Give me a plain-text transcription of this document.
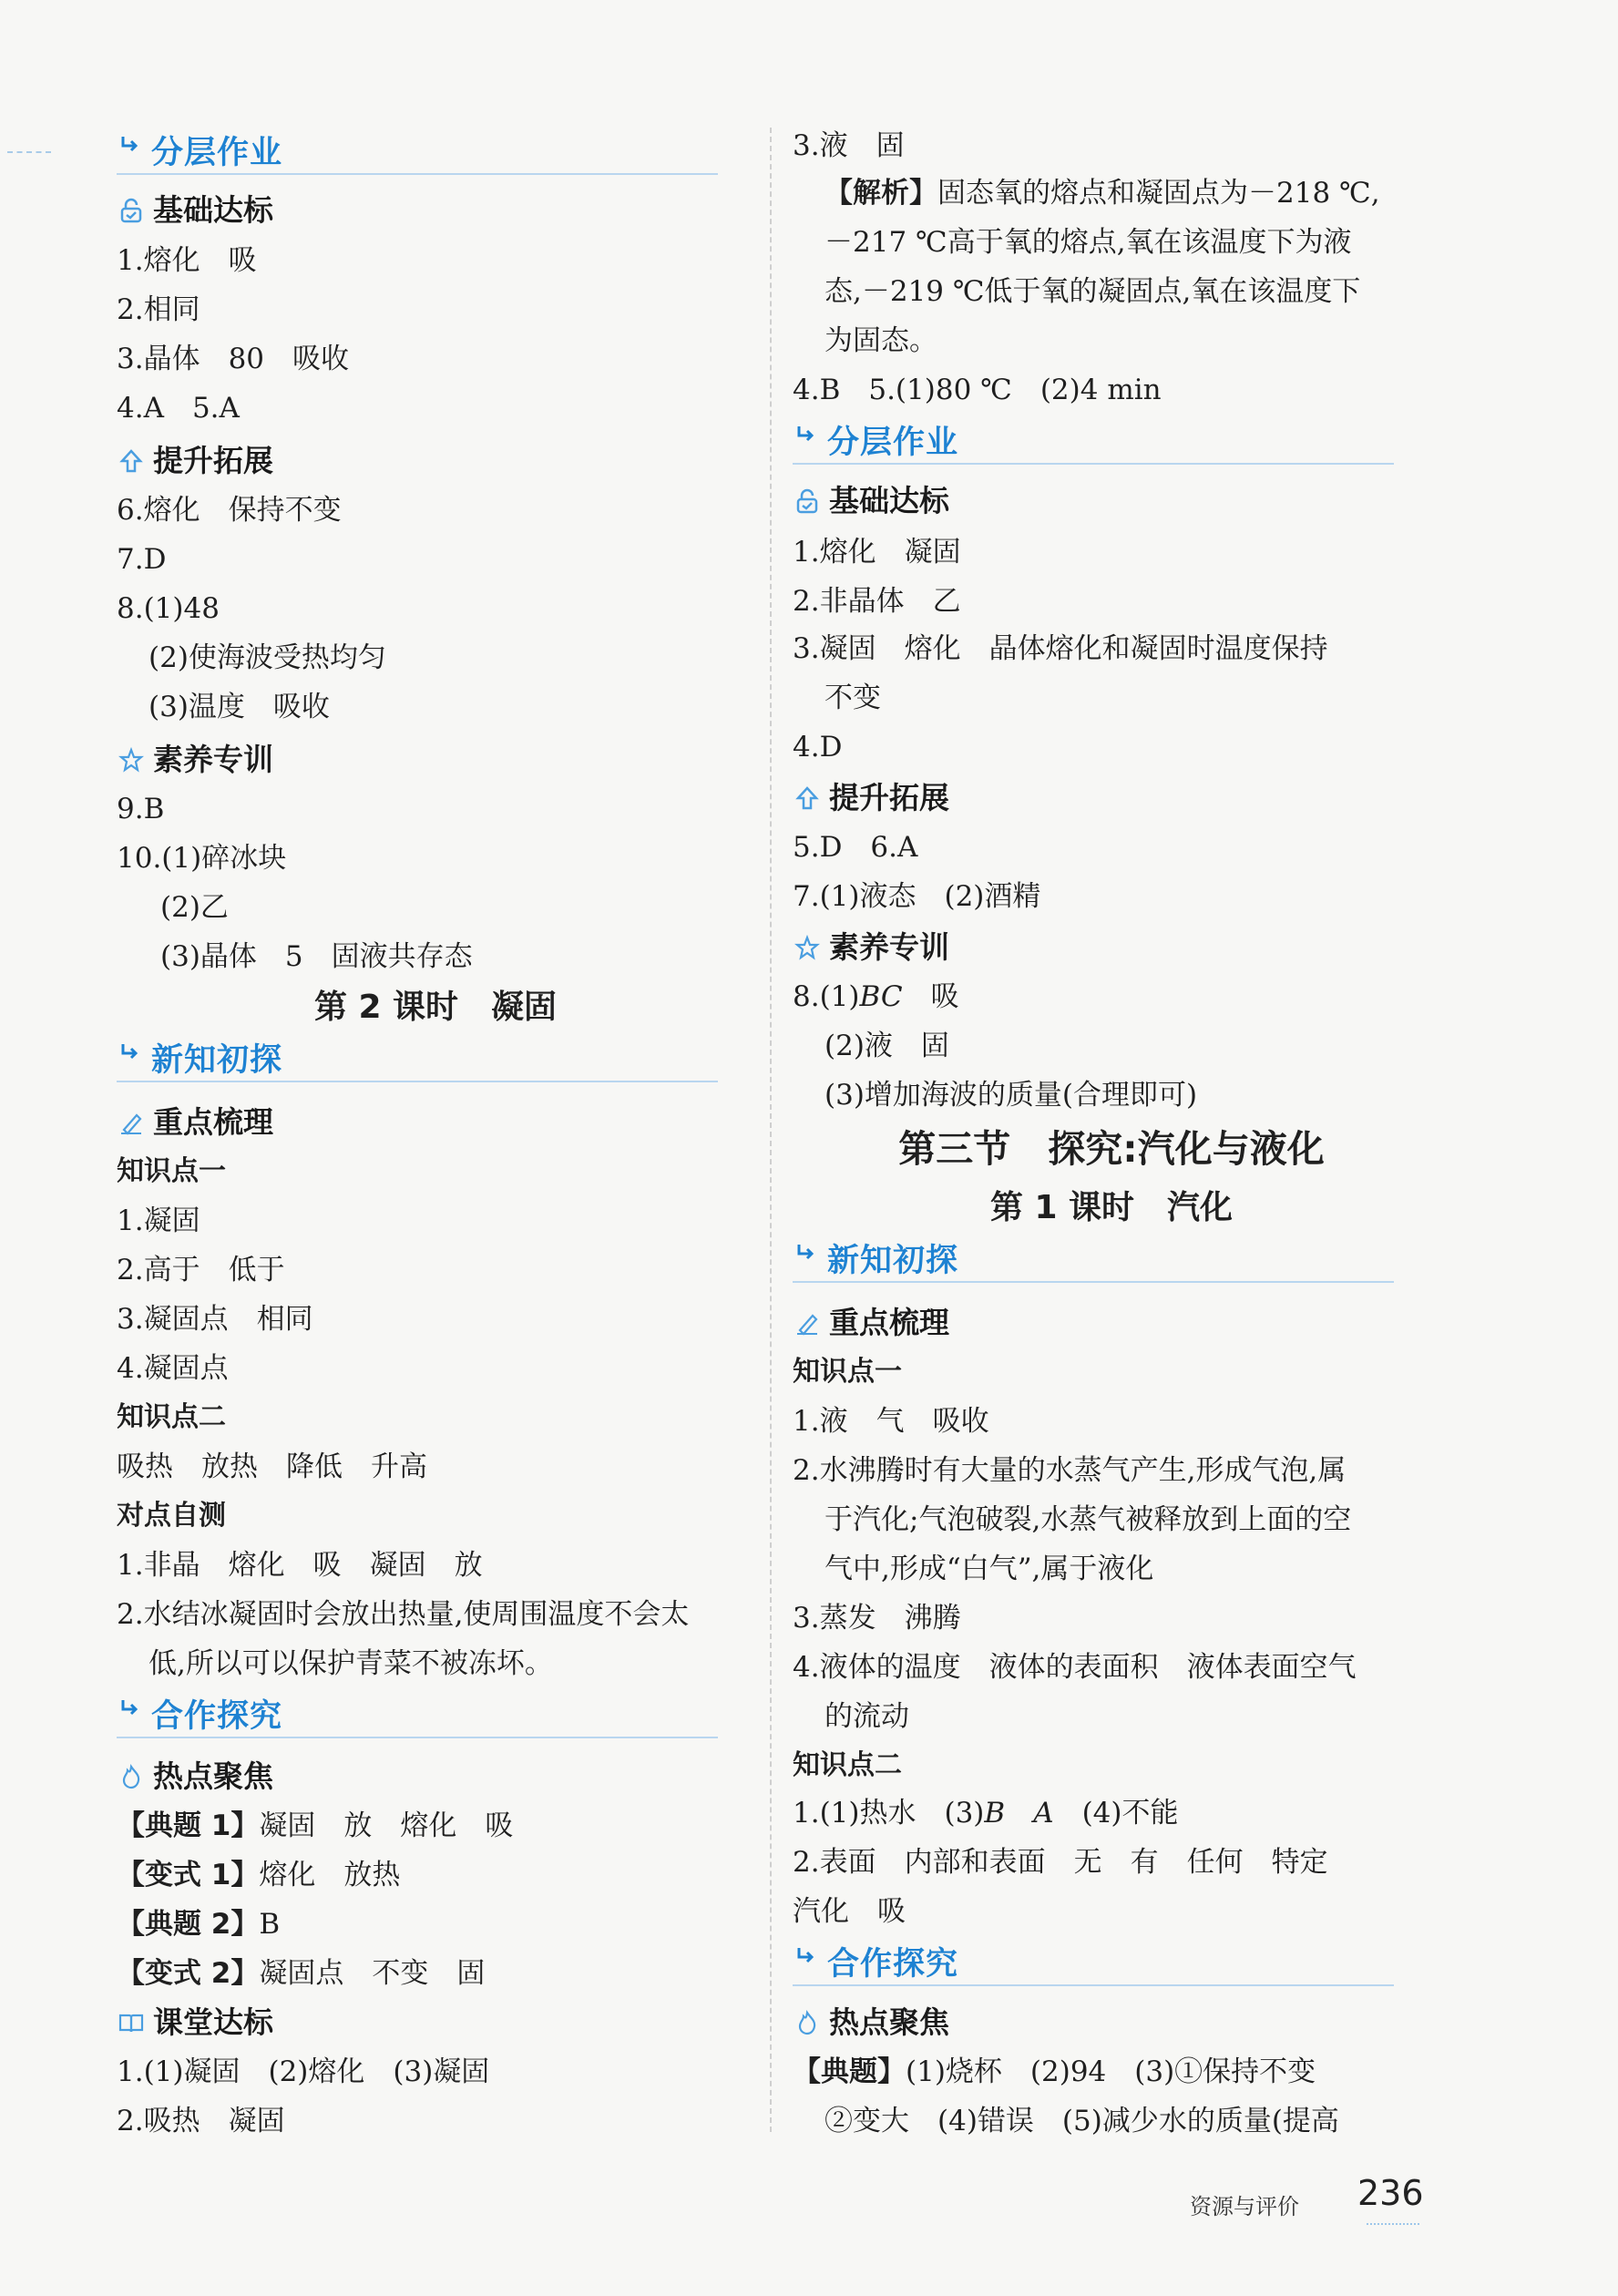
分层作业
基础达标
1.熔化　吸
2.相同
3.晶体　80　吸收
4.A　5.A
提升拓展
6.熔化　保持不变
7.D
8.(1)48
(2)使海波受热均匀
(3)温度　吸收
素养专训
9.B
10.(1)碎冰块
(2)乙
(3)晶体　5　固液共存态
第 2 课时　凝固
新知初探
重点梳理
知识点一
1.凝固
2.高于　低于
3.凝固点　相同
4.凝固点
知识点二
吸热　放热　降低　升高
对点自测
1.非晶　熔化　吸　凝固　放
2.水结冰凝固时会放出热量,使周围温度不会太
低,所以可以保护青菜不被冻坏。
合作探究
热点聚焦
【典题 1】凝固　放　熔化　吸
【变式 1】熔化　放热
【典题 2】B
【变式 2】凝固点　不变　固
课堂达标
1.(1)凝固　(2)熔化　(3)凝固
2.吸热　凝固
3.液　固
【解析】固态氧的熔点和凝固点为－218 ℃,
－217 ℃高于氧的熔点,氧在该温度下为液
态,－219 ℃低于氧的凝固点,氧在该温度下
为固态。
4.B　5.(1)80 ℃　(2)4 min
分层作业
基础达标
1.熔化　凝固
2.非晶体　乙
3.凝固　熔化　晶体熔化和凝固时温度保持
不变
4.D
提升拓展
5.D　6.A
7.(1)液态　(2)酒精
素养专训
8.(1)BC　吸
(2)液　固
(3)增加海波的质量(合理即可)
第三节　探究:汽化与液化
第 1 课时　汽化
新知初探
重点梳理
知识点一
1.液　气　吸收
2.水沸腾时有大量的水蒸气产生,形成气泡,属
于汽化;气泡破裂,水蒸气被释放到上面的空
气中,形成“白气”,属于液化
3.蒸发　沸腾
4.液体的温度　液体的表面积　液体表面空气
的流动
知识点二
1.(1)热水　(3)B　 A　(4)不能
2.表面　内部和表面　无　有　任何　特定
汽化　吸
合作探究
热点聚焦
【典题】(1)烧杯　(2)94　(3)①保持不变
②变大　(4)错误　(5)减少水的质量(提高
资源与评价 236
